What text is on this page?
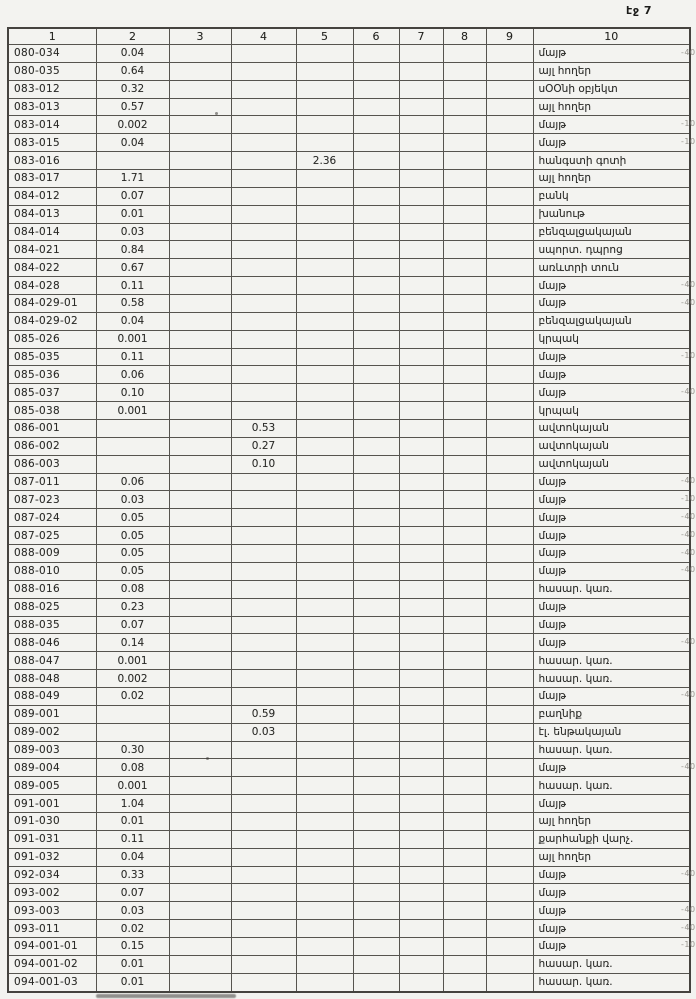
էջ 7
1	2	3	4	5	6	7	8	9	10
080-034	0.04								մայթ
080-035	0.64								այլ հողեր
083-012	0.32								սՕՕնի օբյեկտ
083-013	0.57								այլ հողեր
083-014	0.002								մայթ
083-015	0.04								մայթ
083-016				2.36					հանգստի գոտի
083-017	1.71								այլ հողեր
084-012	0.07								բանկ
084-013	0.01								խանութ
084-014	0.03								բենզալցակայան
084-021	0.84								սպորտ. դպրոց
084-022	0.67								առևտրի տուն
084-028	0.11								մայթ
084-029-01	0.58								մայթ
084-029-02	0.04								բենզալցակայան
085-026	0.001								կրպակ
085-035	0.11								մայթ
085-036	0.06								մայթ
085-037	0.10								մայթ
085-038	0.001								կրպակ
086-001			0.53						ավտոկայան
086-002			0.27						ավտոկայան
086-003			0.10						ավտոկայան
087-011	0.06								մայթ
087-023	0.03								մայթ
087-024	0.05								մայթ
087-025	0.05								մայթ
088-009	0.05								մայթ
088-010	0.05								մայթ
088-016	0.08								հասար. կառ.
088-025	0.23								մայթ
088-035	0.07								մայթ
088-046	0.14								մայթ
088-047	0.001								հասար. կառ.
088-048	0.002								հասար. կառ.
088-049	0.02								մայթ
089-001			0.59						բաղնիք
089-002			0.03						էլ. ենթակայան
089-003	0.30								հասար. կառ.
089-004	0.08								մայթ
089-005	0.001								հասար. կառ.
091-001	1.04								մայթ
091-030	0.01								այլ հողեր
091-031	0.11								քարհանքի վարչ.
091-032	0.04								այլ հողեր
092-034	0.33								մայթ
093-002	0.07								մայթ
093-003	0.03								մայթ
093-011	0.02								մայթ
094-001-01	0.15								մայթ
094-001-02	0.01								հասար. կառ.
094-001-03	0.01								հասար. կառ.
-40
-10
-10
-40
-40
-10
-40
-40
-10
-40
-40
-40
-40
-40
-40
-40
-40
-40
-40
-10
